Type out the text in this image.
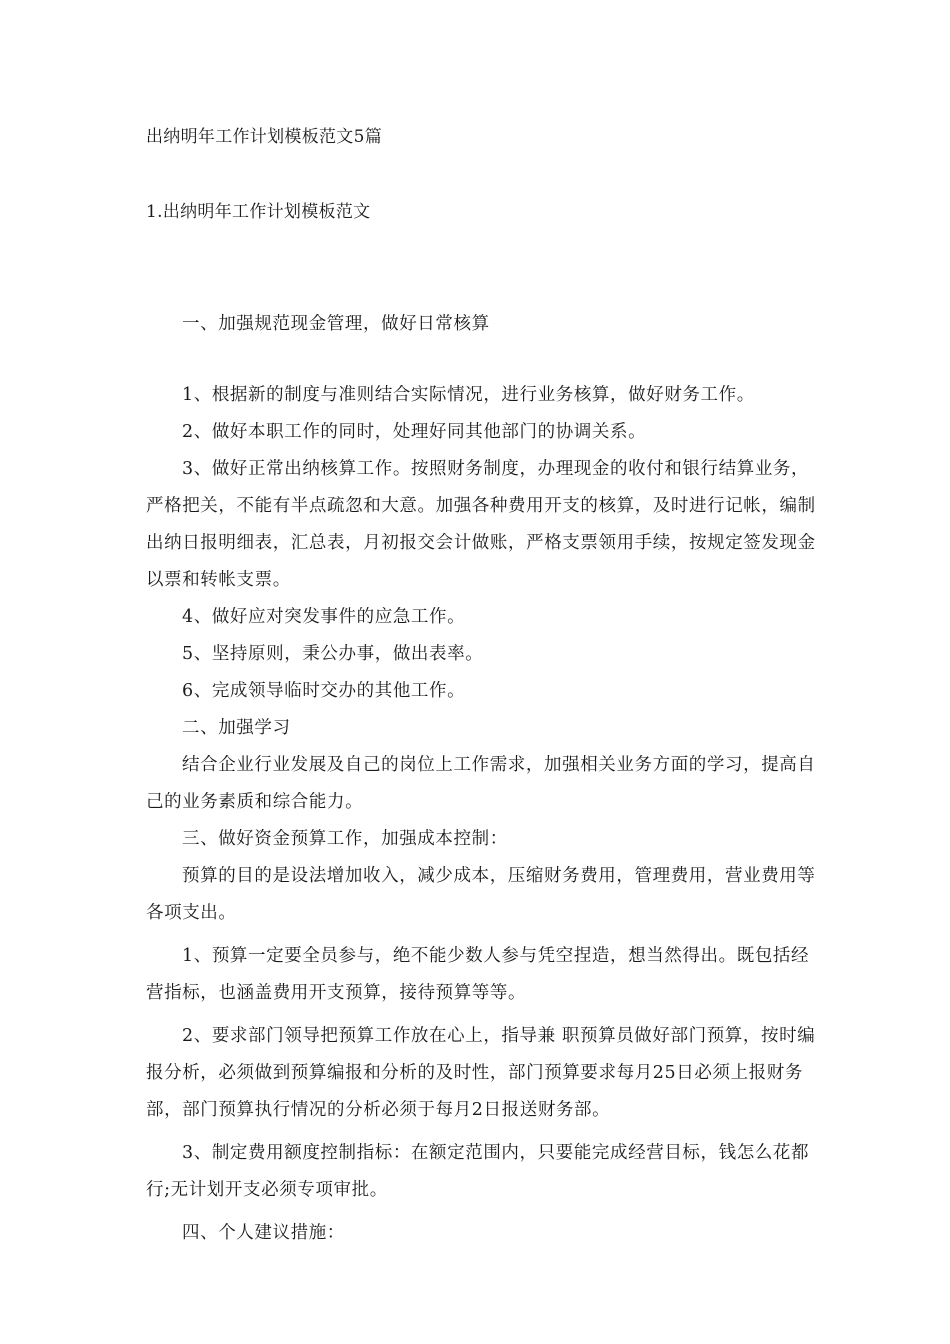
出纳明年工作计划模板范文5篇
1.出纳明年工作计划模板范文

一、加强规范现金管理，做好日常核算

1、根据新的制度与准则结合实际情况，进行业务核算，做好财务工作。

2、做好本职工作的同时，处理好同其他部门的协调关系。

3、做好正常出纳核算工作。按照财务制度，办理现金的收付和银行结算业务，严格把关，不能有半点疏忽和大意。加强各种费用开支的核算，及时进行记帐，编制出纳日报明细表，汇总表，月初报交会计做账，严格支票领用手续，按规定签发现金以票和转帐支票。

4、做好应对突发事件的应急工作。

5、坚持原则，秉公办事，做出表率。

6、完成领导临时交办的其他工作。

二、加强学习

结合企业行业发展及自己的岗位上工作需求，加强相关业务方面的学习，提高自己的业务素质和综合能力。

三、做好资金预算工作，加强成本控制：

预算的目的是设法增加收入，减少成本，压缩财务费用，管理费用，营业费用等各项支出。

1、预算一定要全员参与，绝不能少数人参与凭空捏造，想当然得出。既包括经营指标，也涵盖费用开支预算，接待预算等等。

2、要求部门领导把预算工作放在心上，指导兼 职预算员做好部门预算，按时编报分析，必须做到预算编报和分析的及时性，部门预算要求每月25日必须上报财务部，部门预算执行情况的分析必须于每月2日报送财务部。

3、制定费用额度控制指标：在额定范围内，只要能完成经营目标，钱怎么花都行;无计划开支必须专项审批。

四、个人建议措施：
